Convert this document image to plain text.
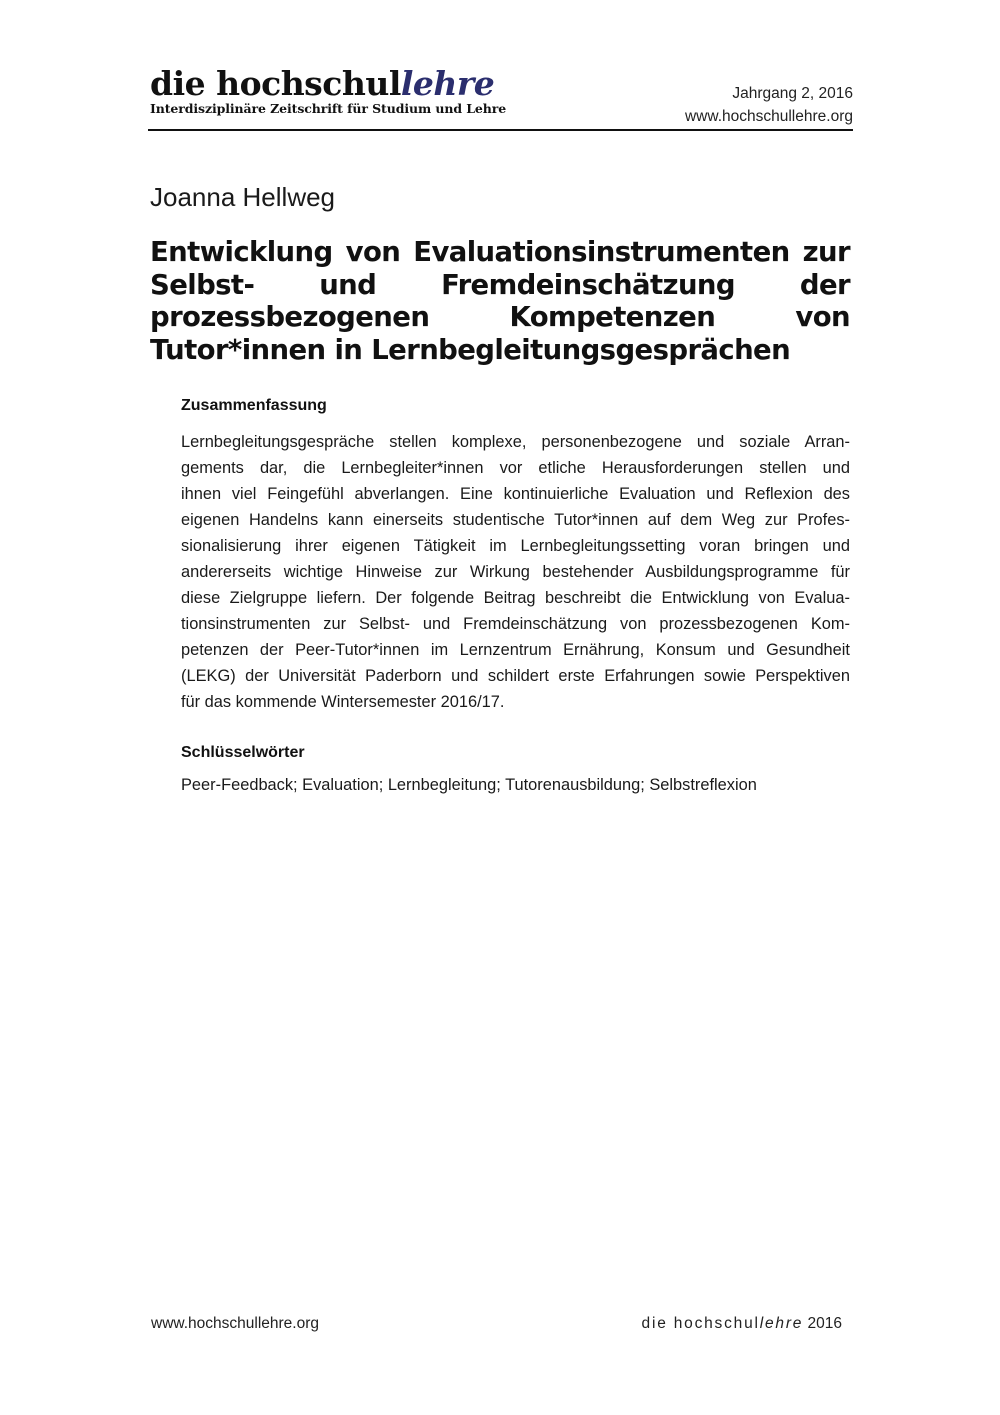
die hochschullehre
Interdisziplinäre Zeitschrift für Studium und Lehre
Jahrgang 2, 2016
www.hochschullehre.org
Joanna Hellweg
Entwicklung von Evaluationsinstrumenten zur
Selbst- und Fremdeinschätzung der
prozessbezogenen Kompetenzen von
Tutor*innen in Lernbegleitungsgesprächen
Zusammenfassung
Lernbegleitungsgespräche stellen komplexe, personenbezogene und soziale Arran-
gements dar, die Lernbegleiter*innen vor etliche Herausforderungen stellen und
ihnen viel Feingefühl abverlangen. Eine kontinuierliche Evaluation und Reflexion des
eigenen Handelns kann einerseits studentische Tutor*innen auf dem Weg zur Profes-
sionalisierung ihrer eigenen Tätigkeit im Lernbegleitungssetting voran bringen und
andererseits wichtige Hinweise zur Wirkung bestehender Ausbildungsprogramme für
diese Zielgruppe liefern. Der folgende Beitrag beschreibt die Entwicklung von Evalua-
tionsinstrumenten zur Selbst- und Fremdeinschätzung von prozessbezogenen Kom-
petenzen der Peer-Tutor*innen im Lernzentrum Ernährung, Konsum und Gesundheit
(LEKG) der Universität Paderborn und schildert erste Erfahrungen sowie Perspektiven
für das kommende Wintersemester 2016/17.
Schlüsselwörter
Peer-Feedback; Evaluation; Lernbegleitung; Tutorenausbildung; Selbstreflexion
www.hochschullehre.org	die hochschullehre 2016
